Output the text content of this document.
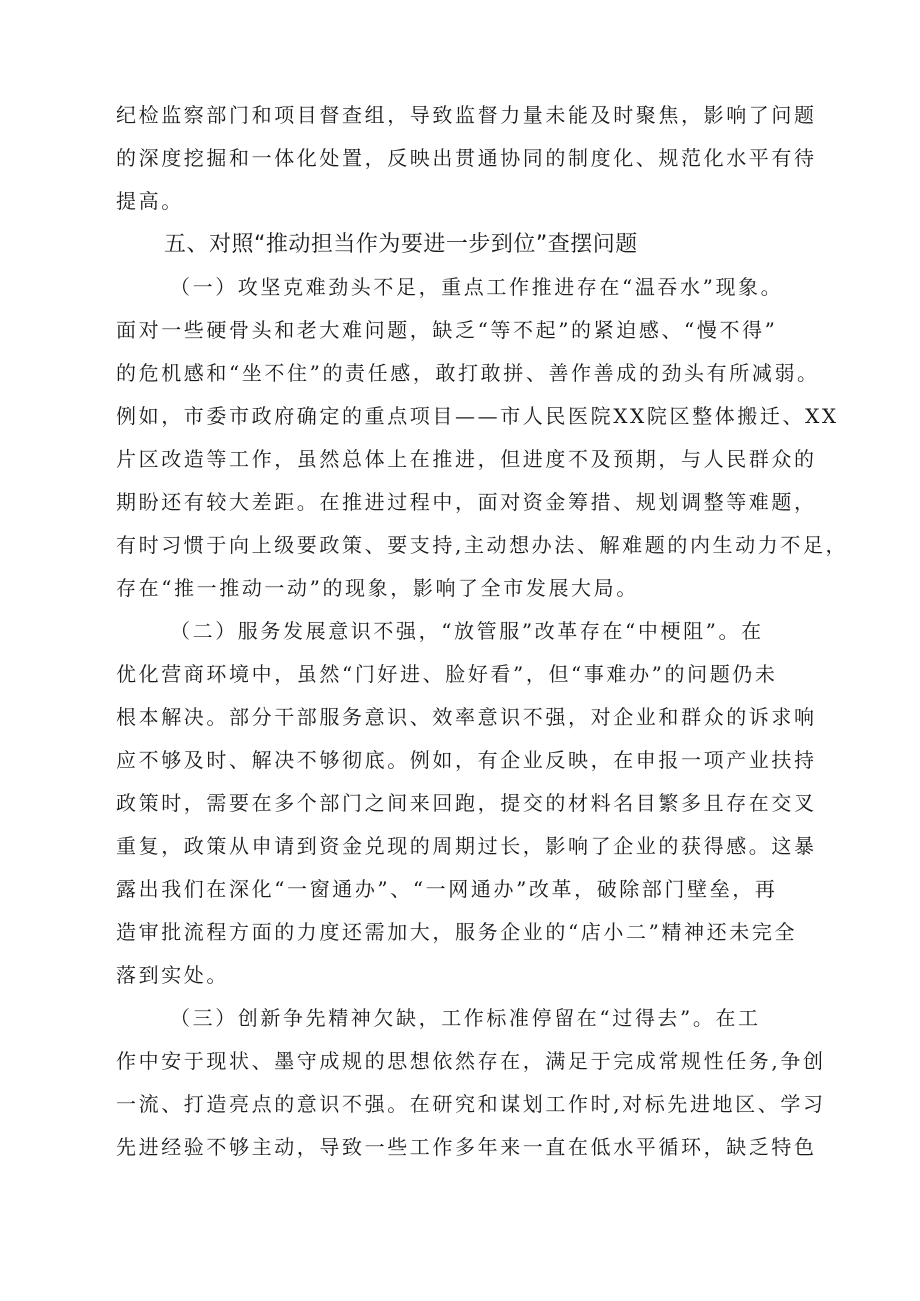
纪检监察部门和项目督查组，导致监督力量未能及时聚焦，影响了问题
的深度挖掘和一体化处置，反映出贯通协同的制度化、规范化水平有待
提高。
五、对照“推动担当作为要进一步到位”查摆问题
（一）攻坚克难劲头不足，重点工作推进存在“温吞水”现象。
面对一些硬骨头和老大难问题，缺乏“等不起”的紧迫感、“慢不得”
的危机感和“坐不住”的责任感，敢打敢拼、善作善成的劲头有所减弱。
例如，市委市政府确定的重点项目——市人民医院XX院区整体搬迁、XX
片区改造等工作，虽然总体上在推进，但进度不及预期，与人民群众的
期盼还有较大差距。在推进过程中，面对资金筹措、规划调整等难题，
有时习惯于向上级要政策、要支持,主动想办法、解难题的内生动力不足，
存在“推一推动一动”的现象，影响了全市发展大局。
（二）服务发展意识不强，“放管服”改革存在“中梗阻”。在
优化营商环境中，虽然“门好进、脸好看”，但“事难办”的问题仍未
根本解决。部分干部服务意识、效率意识不强，对企业和群众的诉求响
应不够及时、解决不够彻底。例如，有企业反映，在申报一项产业扶持
政策时，需要在多个部门之间来回跑，提交的材料名目繁多且存在交叉
重复，政策从申请到资金兑现的周期过长，影响了企业的获得感。这暴
露出我们在深化“一窗通办”、“一网通办”改革，破除部门壁垒，再
造审批流程方面的力度还需加大，服务企业的“店小二”精神还未完全
落到实处。
（三）创新争先精神欠缺，工作标准停留在“过得去”。在工
作中安于现状、墨守成规的思想依然存在，满足于完成常规性任务,争创
一流、打造亮点的意识不强。在研究和谋划工作时,对标先进地区、学习
先进经验不够主动，导致一些工作多年来一直在低水平循环，缺乏特色
